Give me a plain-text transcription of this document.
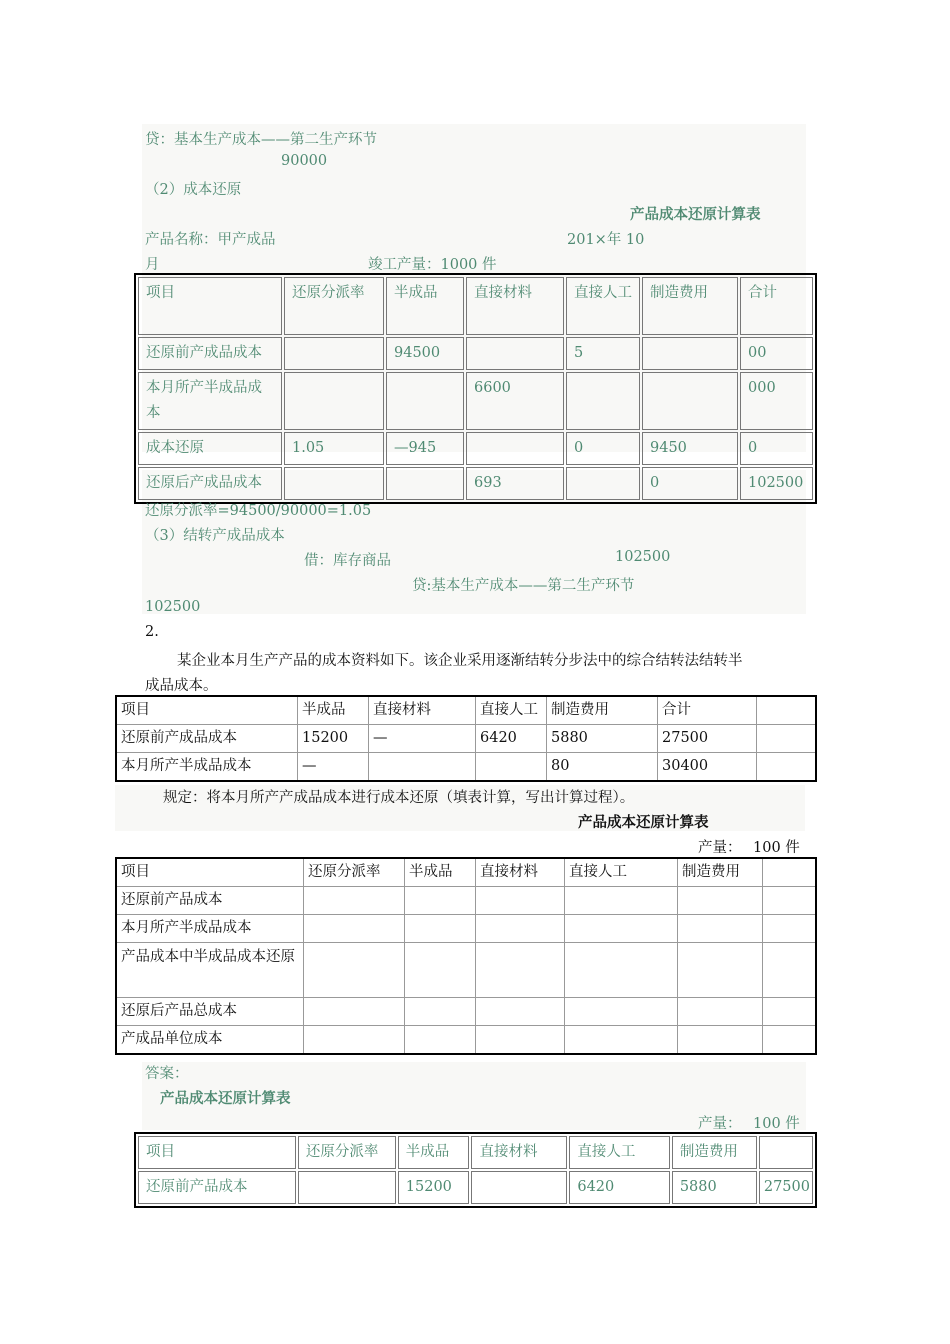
贷：基本生产成本——第二生产环节
90000
（2）成本还原
产品成本还原计算表
产品名称：甲产成品	201×年 10
月	竣工产量：1000 件
项目	还原分派率	半成品	直接材料	直接人工	制造费用	合计
还原前产成品成本		94500		5		00
本月所产半成品成本			6600			000
成本还原	1.05	—945		0	9450	0
还原后产成品成本			693		0	102500
还原分派率=94500/90000=1.05
（3）结转产成品成本
借：库存商品	102500
贷:基本生产成本——第二生产环节
102500
2.
某企业本月生产产品的成本资料如下。该企业采用逐渐结转分步法中的综合结转法结转半
成品成本。
项目	半成品	直接材料	直接人工	制造费用	合计	
还原前产成品成本	15200	—	6420	5880	27500	
本月所产半成品成本	—			80	30400	
规定：将本月所产产成品成本进行成本还原（填表计算，写出计算过程）。
产品成本还原计算表
产量： 100 件
项目	还原分派率	半成品	直接材料	直接人工	制造费用	
还原前产品成本						
本月所产半成品成本						
产品成本中半成品成本还原						
还原后产品总成本						
产成品单位成本						
答案：
产品成本还原计算表
产量： 100 件
项目	还原分派率	半成品	直接材料	直接人工	制造费用	
还原前产品成本		15200		6420	5880	27500
